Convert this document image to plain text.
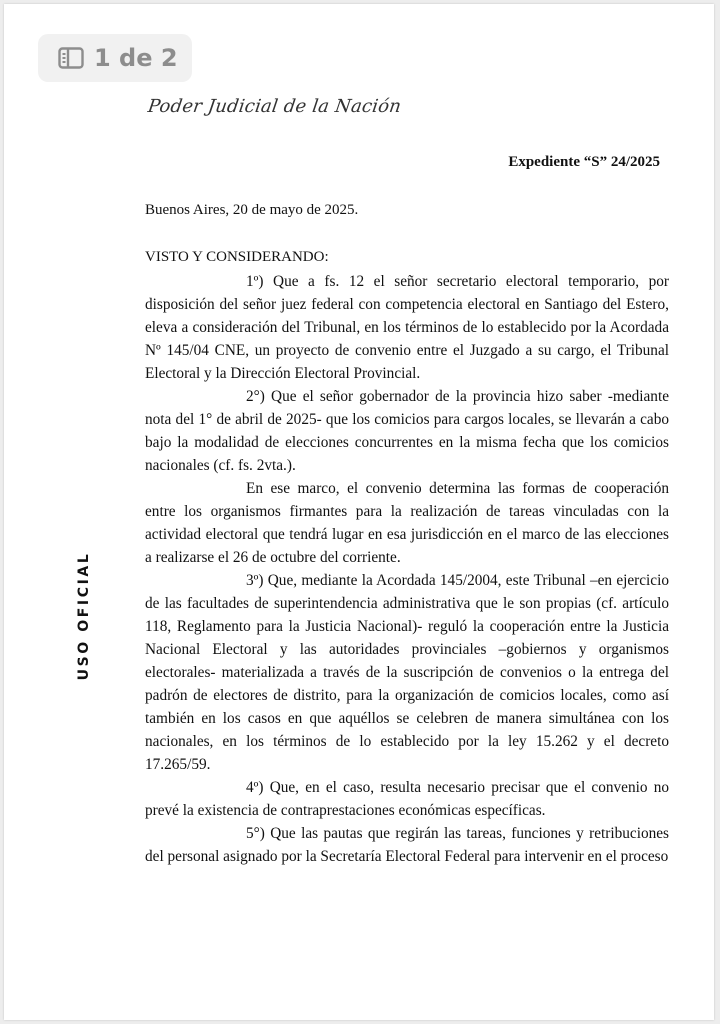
1 de 2
Poder Judicial de la Nación
Expediente “S” 24/2025
Buenos Aires, 20 de mayo de 2025.
VISTO Y CONSIDERANDO:

1º) Que a fs. 12 el señor secretario electoral temporario, por disposición del señor juez federal con competencia electoral en Santiago del Estero, eleva a consideración del Tribunal, en los términos de lo establecido por la Acordada Nº 145/04 CNE, un proyecto de convenio entre el Juzgado a su cargo, el Tribunal Electoral y la Dirección Electoral Provincial.

2°) Que el señor gobernador de la provincia hizo saber -mediante nota del 1° de abril de 2025- que los comicios para cargos locales, se llevarán a cabo bajo la modalidad de elecciones concurrentes en la misma fecha que los comicios nacionales (cf. fs. 2vta.).

En ese marco, el convenio determina las formas de cooperación entre los organismos firmantes para la realización de tareas vinculadas con la actividad electoral que tendrá lugar en esa jurisdicción en el marco de las elecciones a realizarse el 26 de octubre del corriente.

3º) Que, mediante la Acordada 145/2004, este Tribunal –en ejercicio de las facultades de superintendencia administrativa que le son propias (cf. artículo 118, Reglamento para la Justicia Nacional)- reguló la cooperación entre la Justicia Nacional Electoral y las autoridades provinciales –gobiernos y organismos electorales- materializada a través de la suscripción de convenios o la entrega del padrón de electores de distrito, para la organización de comicios locales, como así también en los casos en que aquéllos se celebren de manera simultánea con los nacionales, en los términos de lo establecido por la ley 15.262 y el decreto 17.265/59.

4º) Que, en el caso, resulta necesario precisar que el convenio no prevé la existencia de contraprestaciones económicas específicas.

5°) Que las pautas que regirán las tareas, funciones y retribuciones del personal asignado por la Secretaría Electoral Federal para intervenir en el proceso

USO OFICIAL
